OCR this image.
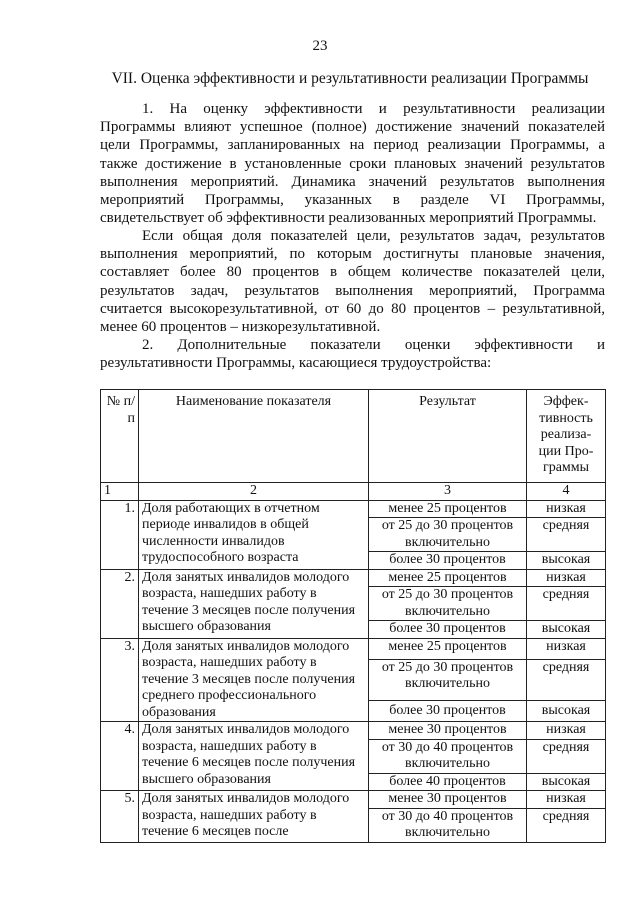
23
VII. Оценка эффективности и результативности реализации Программы

1. На оценку эффективности и результативности реализации Программы влияют успешное (полное) достижение значений показателей цели Программы, запланированных на период реализации Программы, а также достижение в установленные сроки плановых значений результатов выполнения мероприятий. Динамика значений результатов выполнения мероприятий Программы, указанных в разделе VI Программы, свидетельствует об эффективности реализованных мероприятий Программы.

Если общая доля показателей цели, результатов задач, результатов выполнения мероприятий, по которым достигнуты плановые значения, составляет более 80 процентов в общем количестве показателей цели, результатов задач, результатов выполнения мероприятий, Программа считается высокорезультативной, от 60 до 80 процентов – результативной, менее 60 процентов – низкорезультативной.

2. Дополнительные показатели оценки эффективности и результативности Программы, касающиеся трудоустройства:

№ п/п	Наименование показателя	Результат	Эффек-тивность реализа-ции Про-граммы
1	2	3	4
1.	Доля работающих в отчетном периоде инвалидов в общей численности инвалидов трудоспособного возраста	менее 25 процентов	низкая
		от 25 до 30 процентов включительно	средняя
		более 30 процентов	высокая
2.	Доля занятых инвалидов молодого возраста, нашедших работу в течение 3 месяцев после получения высшего образования	менее 25 процентов	низкая
		от 25 до 30 процентов включительно	средняя
		более 30 процентов	высокая
3.	Доля занятых инвалидов молодого возраста, нашедших работу в течение 3 месяцев после получения среднего профессионального образования	менее 25 процентов	низкая
		от 25 до 30 процентов включительно	средняя
		более 30 процентов	высокая
4.	Доля занятых инвалидов молодого возраста, нашедших работу в течение 6 месяцев после получения высшего образования	менее 30 процентов	низкая
		от 30 до 40 процентов включительно	средняя
		более 40 процентов	высокая
5.	Доля занятых инвалидов молодого возраста, нашедших работу в течение 6 месяцев после	менее 30 процентов	низкая
		от 30 до 40 процентов включительно	средняя
